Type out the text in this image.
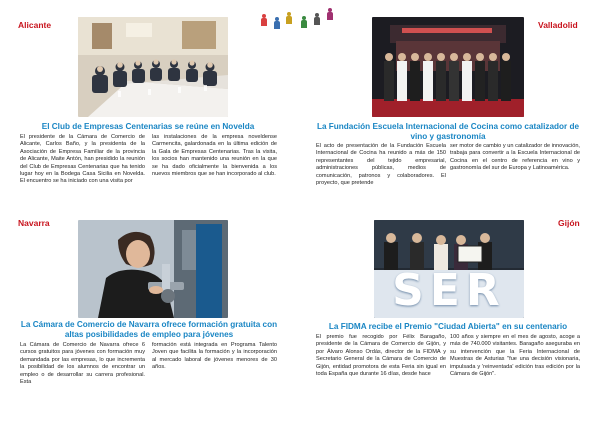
Alicante
El Club de Empresas Centenarias se reúne en Novelda
El presidente de la Cámara de Comercio de Alicante, Carlos Baño, y la presidenta de la Asociación de Empresa Familiar de la provincia de Alicante, Maite Antón, han presidido la reunión del Club de Empresas Centenarias que ha tenido lugar hoy en la Bodega Casa Sicilia en Novelda. El encuentro se ha iniciado con una visita por
las instalaciones de la empresa noveldense Carmencita, galardonada en la última edición de la Gala de Empresas Centenarias. Tras la visita, los socios han mantenido una reunión en la que se ha dado oficialmente la bienvenida a los nuevos miembros que se han incorporado al club.
Valladolid
La Fundación Escuela Internacional de Cocina como catalizador de vino y gastronomía
El acto de presentación de la Fundación Escuela Internacional de Cocina ha reunido a más de 150 representantes del tejido empresarial, administraciones públicas, medios de comunicación, patronos y colaboradores. El proyecto, que pretende
ser motor de cambio y un catalizador de innovación, trabaja para convertir a la Escuela Internacional de Cocina en el centro de referencia en vino y gastronomía del sur de Europa y Latinoamérica.
Navarra
La Cámara de Comercio de Navarra ofrece formación gratuita con altas posibilidades de empleo para jóvenes
La Cámara de Comercio de Navarra ofrece 6 cursos gratuitos para jóvenes con formación muy demandada por las empresas, lo que incrementa la posibilidad de los alumnos de encontrar un empleo o de desarrollar su carrera profesional. Esta
formación está integrada en Programa Talento Joven que facilita la formación y la incorporación al mercado laboral de jóvenes menores de 30 años.
Gijón
SER
La FIDMA recibe el Premio "Ciudad Abierta" en su centenario
El premio fue recogido por Félix Baragaño, presidente de la Cámara de Comercio de Gijón, y por Álvaro Alonso Ordás, director de la FIDMA y Secretario General de la Cámara de Comercio de Gijón, entidad promotora de esta Feria sin igual en toda España que durante 16 días, desde hace
100 años y siempre en el mes de agosto, acoge a más de 740.000 visitantes. Baragaño aseguraba en su intervención que la Feria Internacional de Muestras de Asturias "fue una decisión visionaria, impulsada y 'reinventada' edición tras edición por la Cámara de Gijón".
